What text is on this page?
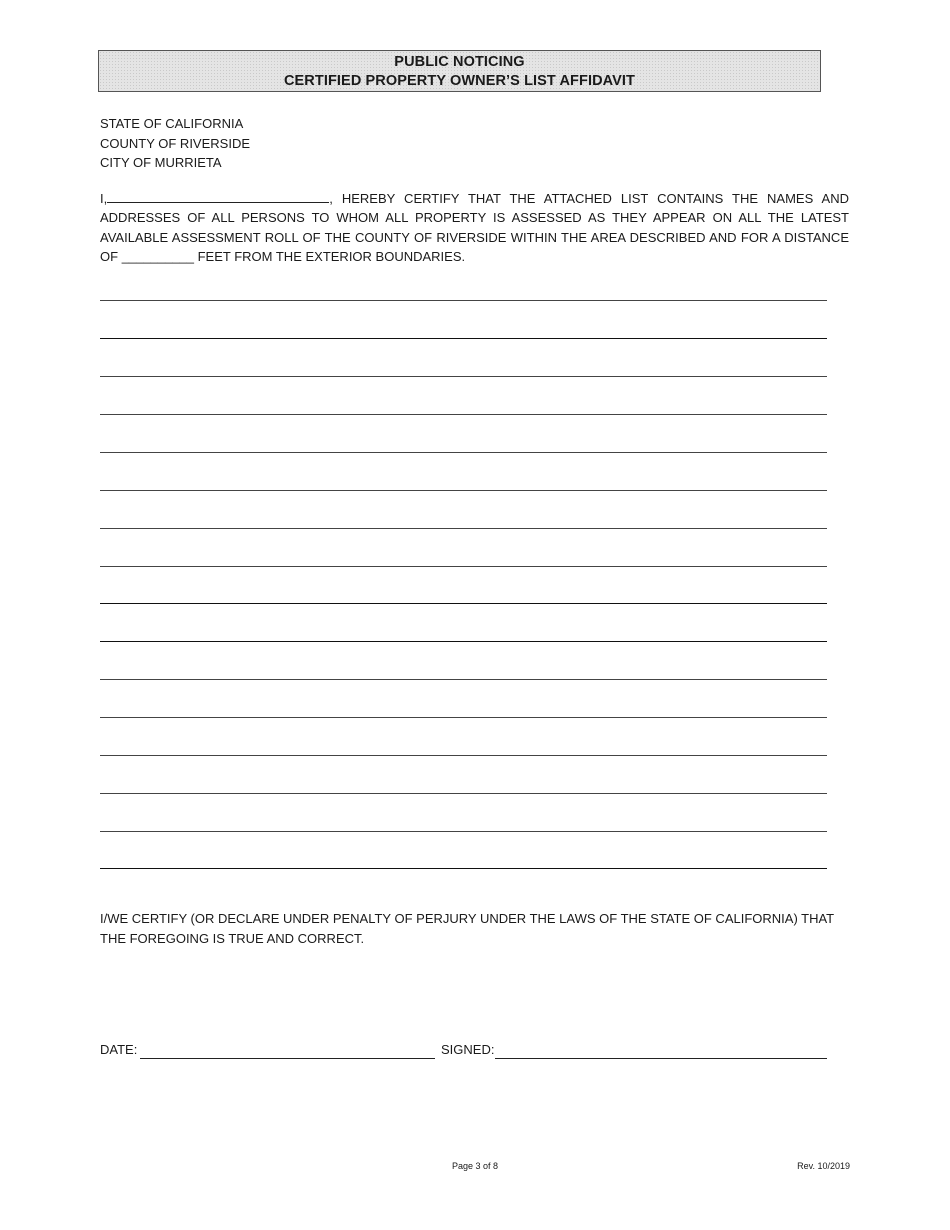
PUBLIC NOTICING
CERTIFIED PROPERTY OWNER’S LIST AFFIDAVIT
STATE OF CALIFORNIA
COUNTY OF RIVERSIDE
CITY OF MURRIETA
I,	, HEREBY CERTIFY THAT THE ATTACHED LIST CONTAINS THE NAMES AND ADDRESSES OF ALL PERSONS TO WHOM ALL PROPERTY IS ASSESSED AS THEY APPEAR ON ALL THE LATEST AVAILABLE ASSESSMENT ROLL OF THE COUNTY OF RIVERSIDE WITHIN THE AREA DESCRIBED AND FOR A DISTANCE OF __________ FEET FROM THE EXTERIOR BOUNDARIES.
I/WE CERTIFY (OR DECLARE UNDER PENALTY OF PERJURY UNDER THE LAWS OF THE STATE OF CALIFORNIA) THAT THE FOREGOING IS TRUE AND CORRECT.
DATE:	SIGNED:
Page 3 of 8	Rev. 10/2019
